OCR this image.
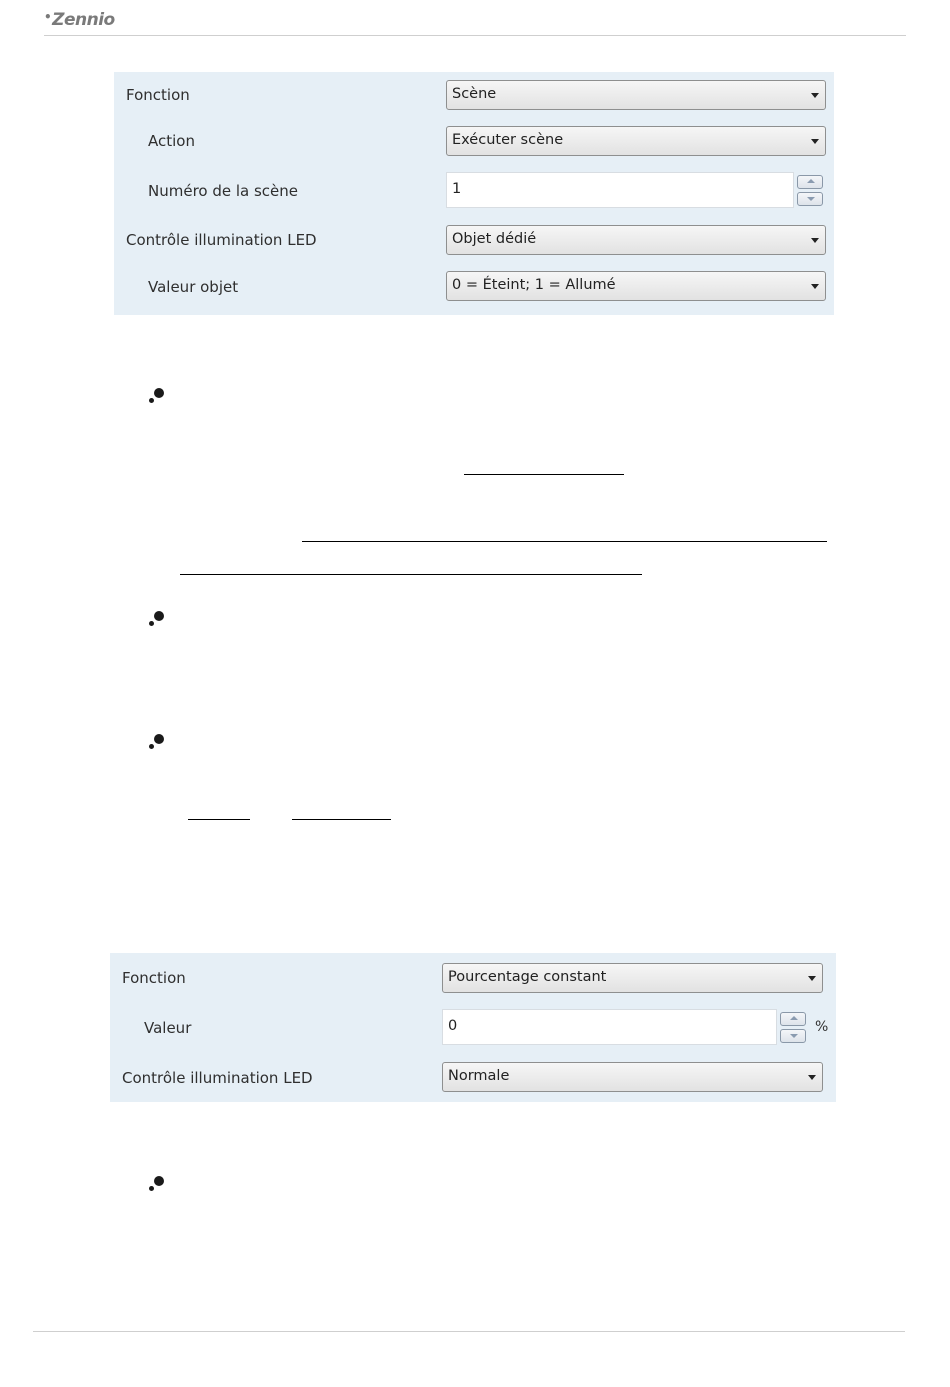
•Zennio
Fonction	Scène
Action	Exécuter scène
Numéro de la scène	1
Contrôle illumination LED	Objet dédié
Valeur objet	0 = Éteint; 1 = Allumé
Fonction	Pourcentage constant
Valeur	0	%
Contrôle illumination LED	Normale
